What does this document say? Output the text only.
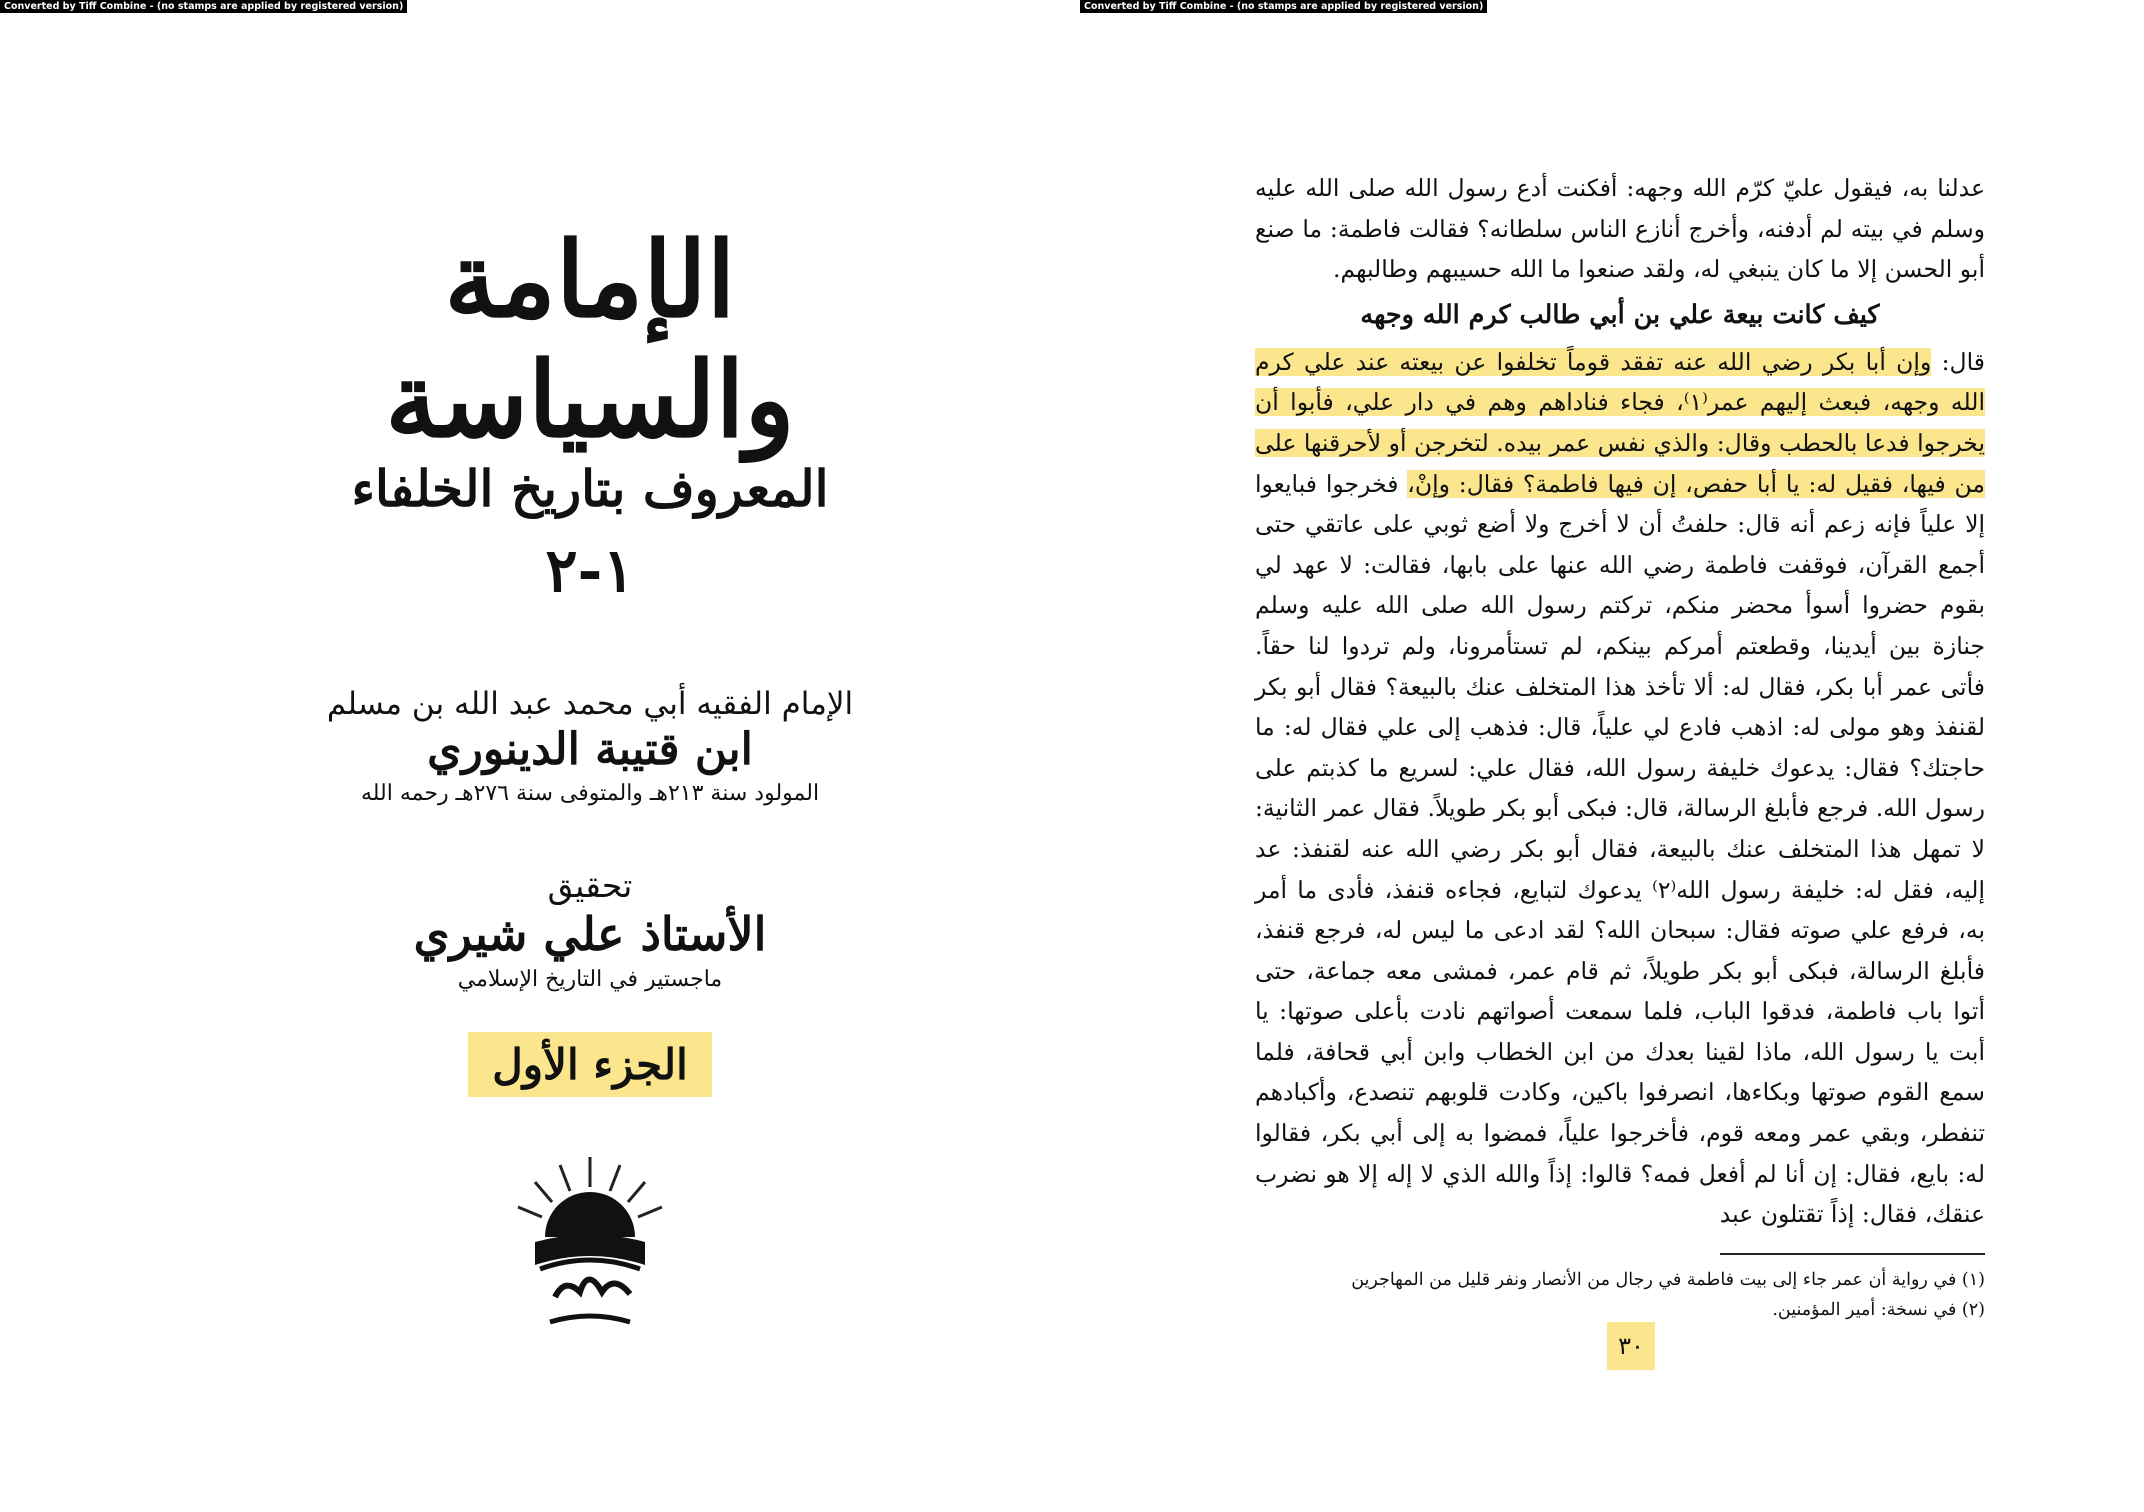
Converted by Tiff Combine - (no stamps are applied by registered version)	Converted by Tiff Combine - (no stamps are applied by registered version)
الإمامة والسياسة
المعروف بتاريخ الخلفاء
١-٢
الإمام الفقيه أبي محمد عبد الله بن مسلم
ابن قتيبة الدينوري
المولود سنة ٢١٣هـ والمتوفى سنة ٢٧٦هـ رحمه الله
تحقيق
الأستاذ علي شيري
ماجستير في التاريخ الإسلامي
الجزء الأول

عدلنا به، فيقول عليّ كرّم الله وجهه: أفكنت أدع رسول الله صلى الله عليه وسلم في بيته لم أدفنه، وأخرج أنازع الناس سلطانه؟ فقالت فاطمة: ما صنع أبو الحسن إلا ما كان ينبغي له، ولقد صنعوا ما الله حسيبهم وطالبهم.

كيف كانت بيعة علي بن أبي طالب كرم الله وجهه

قال: وإن أبا بكر رضي الله عنه تفقد قوماً تخلفوا عن بيعته عند علي كرم الله وجهه، فبعث إليهم عمر⁽١⁾، فجاء فناداهم وهم في دار علي، فأبوا أن يخرجوا فدعا بالحطب وقال: والذي نفس عمر بيده. لتخرجن أو لأحرقنها على من فيها، فقيل له: يا أبا حفص، إن فيها فاطمة؟ فقال: وإنْ، فخرجوا فبايعوا إلا علياً فإنه زعم أنه قال: حلفتُ أن لا أخرج ولا أضع ثوبي على عاتقي حتى أجمع القرآن، فوقفت فاطمة رضي الله عنها على بابها، فقالت: لا عهد لي بقوم حضروا أسوأ محضر منكم، تركتم رسول الله صلى الله عليه وسلم جنازة بين أيدينا، وقطعتم أمركم بينكم، لم تستأمرونا، ولم تردوا لنا حقاً. فأتى عمر أبا بكر، فقال له: ألا تأخذ هذا المتخلف عنك بالبيعة؟ فقال أبو بكر لقنفذ وهو مولى له: اذهب فادع لي علياً، قال: فذهب إلى علي فقال له: ما حاجتك؟ فقال: يدعوك خليفة رسول الله، فقال علي: لسريع ما كذبتم على رسول الله. فرجع فأبلغ الرسالة، قال: فبكى أبو بكر طويلاً. فقال عمر الثانية: لا تمهل هذا المتخلف عنك بالبيعة، فقال أبو بكر رضي الله عنه لقنفذ: عد إليه، فقل له: خليفة رسول الله⁽٢⁾ يدعوك لتبايع، فجاءه قنفذ، فأدى ما أمر به، فرفع علي صوته فقال: سبحان الله؟ لقد ادعى ما ليس له، فرجع قنفذ، فأبلغ الرسالة، فبكى أبو بكر طويلاً، ثم قام عمر، فمشى معه جماعة، حتى أتوا باب فاطمة، فدقوا الباب، فلما سمعت أصواتهم نادت بأعلى صوتها: يا أبت يا رسول الله، ماذا لقينا بعدك من ابن الخطاب وابن أبي قحافة، فلما سمع القوم صوتها وبكاءها، انصرفوا باكين، وكادت قلوبهم تنصدع، وأكبادهم تنفطر، وبقي عمر ومعه قوم، فأخرجوا علياً، فمضوا به إلى أبي بكر، فقالوا له: بايع، فقال: إن أنا لم أفعل فمه؟ قالوا: إذاً والله الذي لا إله إلا هو نضرب عنقك، فقال: إذاً تقتلون عبد

(١) في رواية أن عمر جاء إلى بيت فاطمة في رجال من الأنصار ونفر قليل من المهاجرين

(٢) في نسخة: أمير المؤمنين.

٣٠
